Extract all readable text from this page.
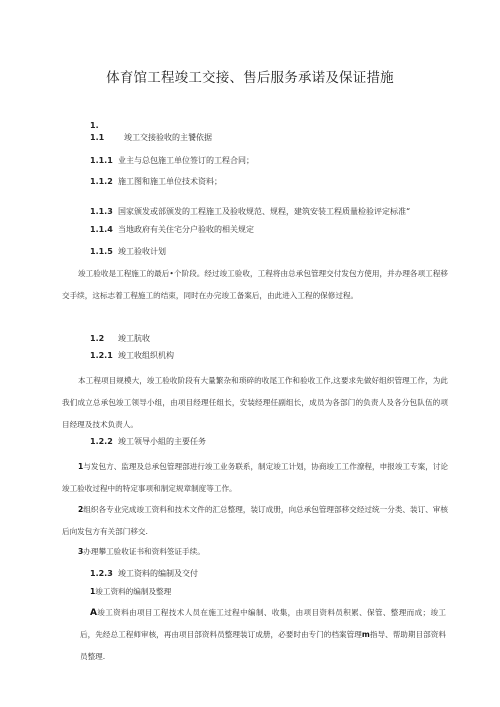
体育馆工程竣工交接、售后服务承诺及保证措施
1.
1.1 竣工交接验收的主饕依据
1.1.1 业主与总包施工单位签订的工程合同；
1.1.2 施工图和施工单位技术资料；
1.1.3 国家颁发或部颁发的工程施工及验收规范、规程，建筑安装工程质量检验评定标准“
1.1.4 当地政府有关住宅分户验收的相关规定
1.1.5 竣工验收计划
竣工验收是工程施工的最后•个阶段。经过竣工验收，工程将由总承包管理交付发包方使用，并办理各项工程移交手续，这标志着工程施工的结束，同时在办完竣工备案后，由此进入工程的保修过程。
1.2 竣工肮收
1.2.1 竣工收组织机构
本工程项目规模大，竣工验收阶段有大量繁杂和琐碎的收尾工作和验收工作,这要求先做好组织管理工作，为此我们成立总承包竣工领导小组，由项目经理任组长，安装经理任副组长，成员为各部门的负责人及各分包队伍的项目经理及技术负责人。
1.2.2 竣工领导小組的主要任务
1与发包方、监理及总承包管理部进行竣工业务联系，制定竣工计划，协商竣工工作潦程，申报竣工专案，讨论竣工验收过程中的特定事项和制定规章制度等工作。
2组织各专业完成竣工资料和技术文件的汇总整理，装订成册，向总承包管理部移交经过统一分类、装订、审核后向发包方有关部门移交.
3办理攀工验收证书和资料签证手续。
1.2.3 竣工资料的编制及交付
1竣工资料的编制及整理
A竣工资料由项目工程技术人员在施工过程中编制、收集，由项目资料员积累、保管、整理而成；竣工后，先经总工程师审核，再由项目部资料员整理装订成册，必要时由专门的档案管理m指导、帮助期目部资料员整理.
